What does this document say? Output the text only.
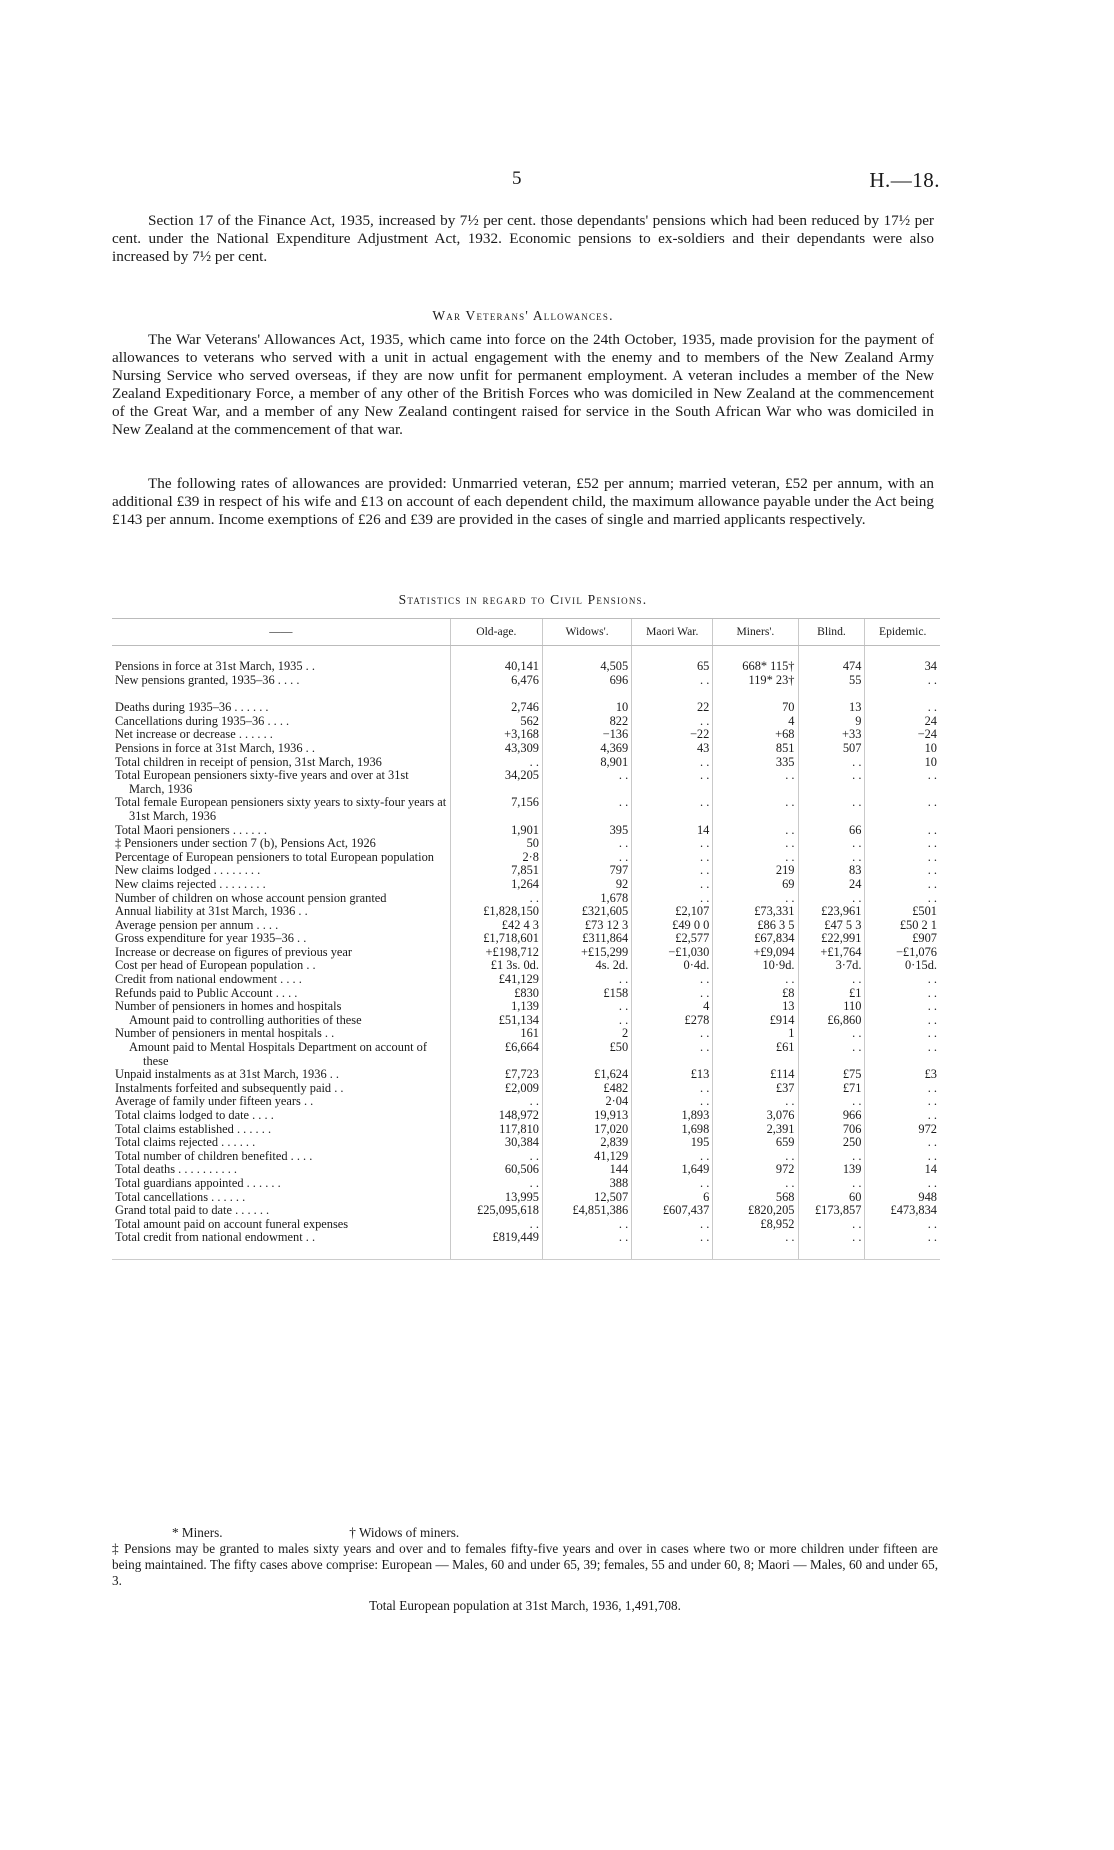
5	H.—18.

Section 17 of the Finance Act, 1935, increased by 7½ per cent. those dependants' pensions which had been reduced by 17½ per cent. under the National Expenditure Adjustment Act, 1932. Economic pensions to ex-soldiers and their dependants were also increased by 7½ per cent.

War Veterans' Allowances.

The War Veterans' Allowances Act, 1935, which came into force on the 24th October, 1935, made provision for the payment of allowances to veterans who served with a unit in actual engagement with the enemy and to members of the New Zealand Army Nursing Service who served overseas, if they are now unfit for permanent employment. A veteran includes a member of the New Zealand Expeditionary Force, a member of any other of the British Forces who was domiciled in New Zealand at the commencement of the Great War, and a member of any New Zealand contingent raised for service in the South African War who was domiciled in New Zealand at the commencement of that war.

The following rates of allowances are provided: Unmarried veteran, £52 per annum; married veteran, £52 per annum, with an additional £39 in respect of his wife and £13 on account of each dependent child, the maximum allowance payable under the Act being £143 per annum. Income exemptions of £26 and £39 are provided in the cases of single and married applicants respectively.

Statistics in regard to Civil Pensions.

——	Old-age.	Widows'.	Maori War.	Miners'.	Blind.	Epidemic.

Pensions in force at 31st March, 1935 . .	40,141	4,505	65	668* 115†	474	34

New pensions granted, 1935–36 . . . .	6,476	696	. .	119* 23†	55	. .

Deaths during 1935–36 . . . . . .	2,746	10	22	70	13	. .

Cancellations during 1935–36 . . . .	562	822	. .	4	9	24

Net increase or decrease . . . . . .	+3,168	−136	−22	+68	+33	−24

Pensions in force at 31st March, 1936 . .	43,309	4,369	43	851	507	10

Total children in receipt of pension, 31st March, 1936	. .	8,901	. .	335	. .	10

Total European pensioners sixty-five years and over at 31st March, 1936	34,205	. .	. .	. .	. .	. .

Total female European pensioners sixty years to sixty-four years at 31st March, 1936	7,156	. .	. .	. .	. .	. .

Total Maori pensioners . . . . . .	1,901	395	14	. .	66	. .

‡ Pensioners under section 7 (b), Pensions Act, 1926	50	. .	. .	. .	. .	. .

Percentage of European pensioners to total European population	2·8	. .	. .	. .	. .	. .

New claims lodged . . . . . . . .	7,851	797	. .	219	83	. .

New claims rejected . . . . . . . .	1,264	92	. .	69	24	. .

Number of children on whose account pension granted	. .	1,678	. .	. .	. .	. .

Annual liability at 31st March, 1936 . .	£1,828,150	£321,605	£2,107	£73,331	£23,961	£501

Average pension per annum . . . .	£42 4 3	£73 12 3	£49 0 0	£86 3 5	£47 5 3	£50 2 1

Gross expenditure for year 1935–36 . .	£1,718,601	£311,864	£2,577	£67,834	£22,991	£907

Increase or decrease on figures of previous year	+£198,712	+£15,299	−£1,030	+£9,094	+£1,764	−£1,076

Cost per head of European population . .	£1 3s. 0d.	4s. 2d.	0·4d.	10·9d.	3·7d.	0·15d.

Credit from national endowment . . . .	£41,129	. .	. .	. .	. .	. .

Refunds paid to Public Account . . . .	£830	£158	. .	£8	£1	. .

Number of pensioners in homes and hospitals	1,139	. .	4	13	110	. .

Amount paid to controlling authorities of these	£51,134	. .	£278	£914	£6,860	. .

Number of pensioners in mental hospitals . .	161	2	. .	1	. .	. .

Amount paid to Mental Hospitals Department on account of these	£6,664	£50	. .	£61	. .	. .

Unpaid instalments as at 31st March, 1936 . .	£7,723	£1,624	£13	£114	£75	£3

Instalments forfeited and subsequently paid . .	£2,009	£482	. .	£37	£71	. .

Average of family under fifteen years . .	. .	2·04	. .	. .	. .	. .

Total claims lodged to date . . . .	148,972	19,913	1,893	3,076	966	. .

Total claims established . . . . . .	117,810	17,020	1,698	2,391	706	972

Total claims rejected . . . . . .	30,384	2,839	195	659	250	. .

Total number of children benefited . . . .	. .	41,129	. .	. .	. .	. .

Total deaths . . . . . . . . . .	60,506	144	1,649	972	139	14

Total guardians appointed . . . . . .	. .	388	. .	. .	. .	. .

Total cancellations . . . . . .	13,995	12,507	6	568	60	948

Grand total paid to date . . . . . .	£25,095,618	£4,851,386	£607,437	£820,205	£173,857	£473,834

Total amount paid on account funeral expenses	. .	. .	. .	£8,952	. .	. .

Total credit from national endowment . .	£819,449	. .	. .	. .	. .	. .
* Miners.	† Widows of miners.
‡ Pensions may be granted to males sixty years and over and to females fifty-five years and over in cases where two or more children under fifteen are being maintained. The fifty cases above comprise: European — Males, 60 and under 65, 39; females, 55 and under 60, 8; Maori — Males, 60 and under 65, 3.

Total European population at 31st March, 1936, 1,491,708.
